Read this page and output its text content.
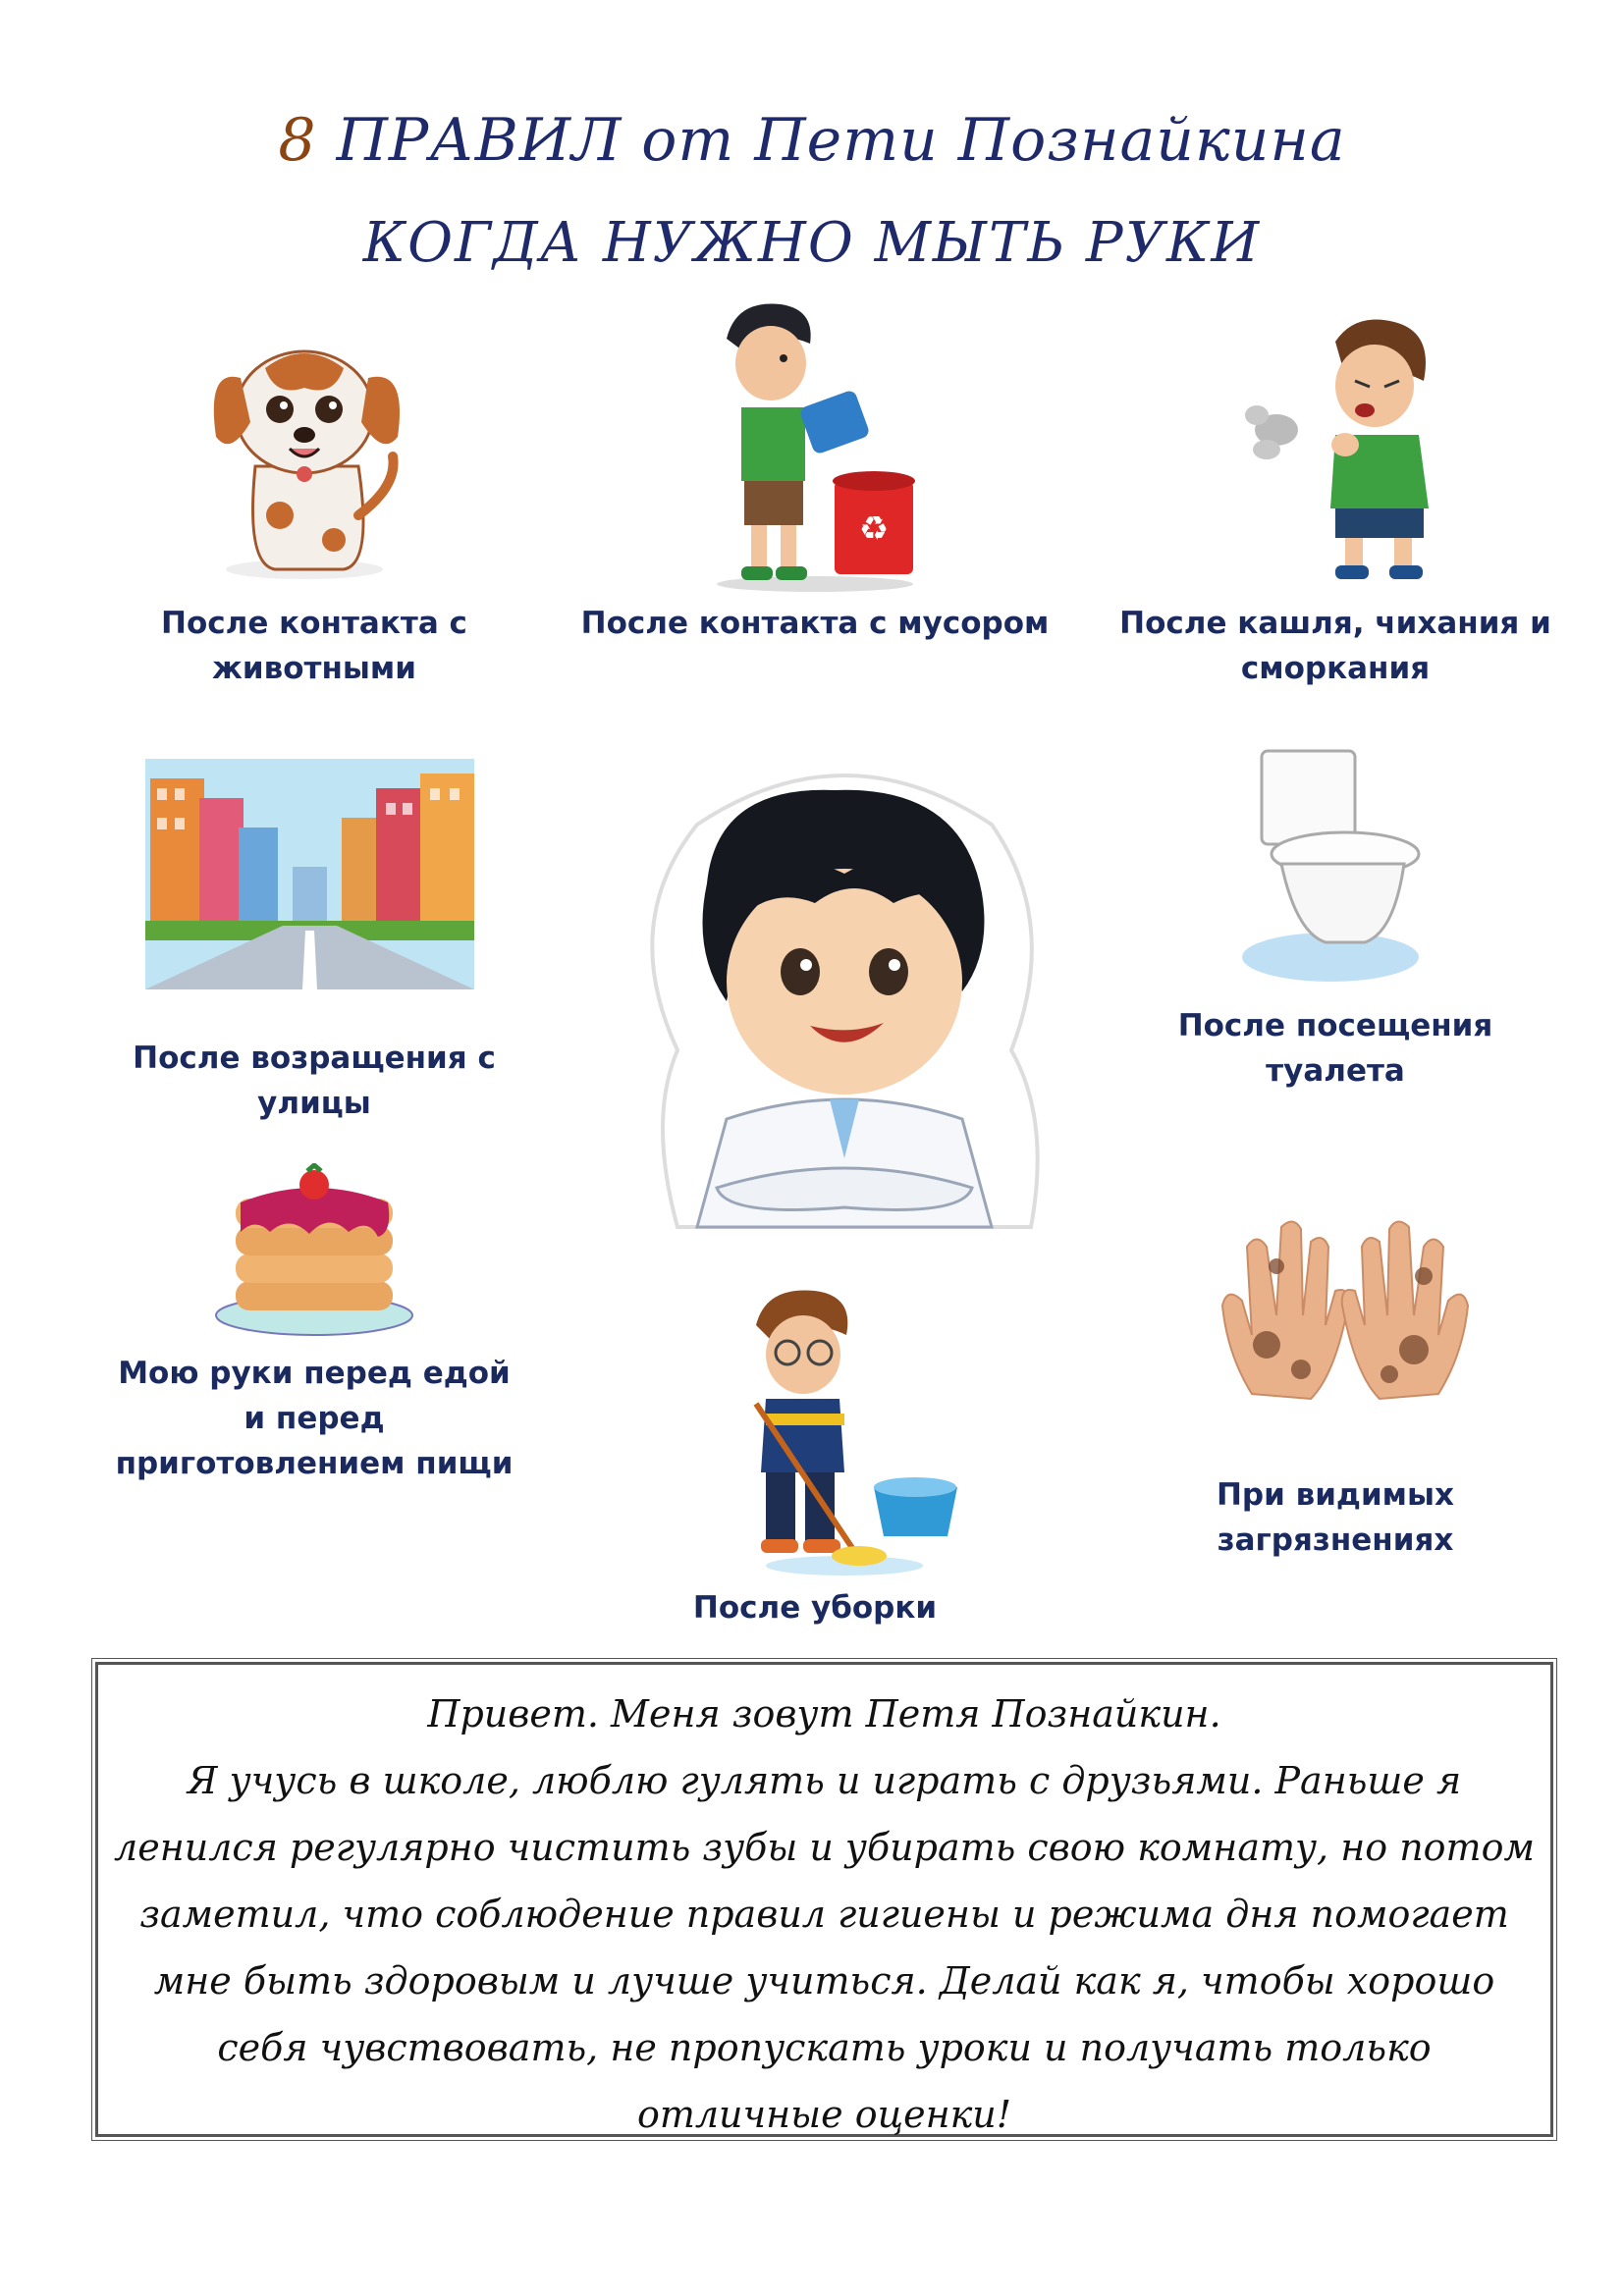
8 ПРАВИЛ от Пети Познайкина
КОГДА НУЖНО МЫТЬ РУКИ
После контакта с
животными
♻
После контакта с мусором	После кашля, чихания и
сморкания
После возращения с
улицы
После посещения
туалета
Мою руки перед едой
и перед
приготовлением пищи
При видимых
загрязнениях
После уборки

Привет. Меня зовут Петя Познайкин.

Я учусь в школе, люблю гулять и играть с друзьями. Раньше я ленился регулярно чистить зубы и убирать свою комнату, но потом заметил, что соблюдение правил гигиены и режима дня помогает мне быть здоровым и лучше учиться. Делай как я, чтобы хорошо себя чувствовать, не пропускать уроки и получать только отличные оценки!
